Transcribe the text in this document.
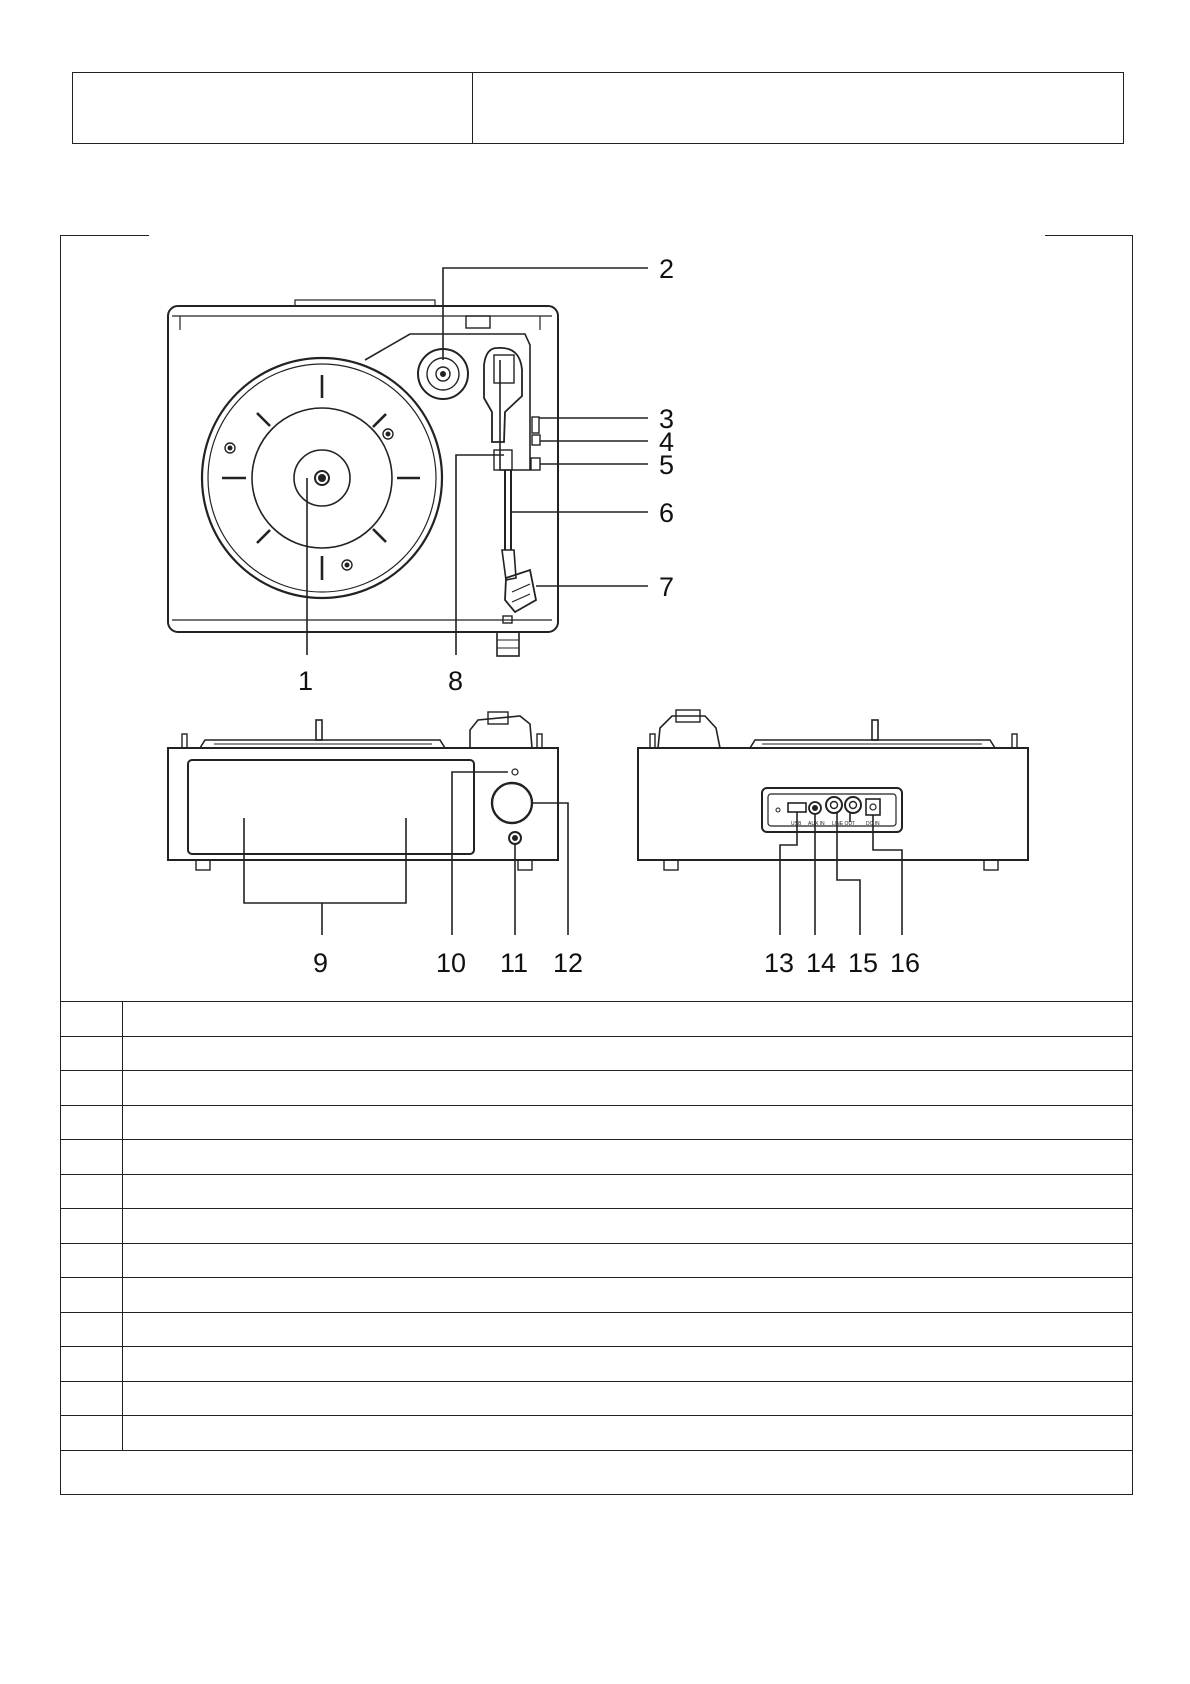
USB AUX IN LINE OUT DC IN
1
2
3
4
5
6
7
8
9	10 11 12	13 14 15 16
